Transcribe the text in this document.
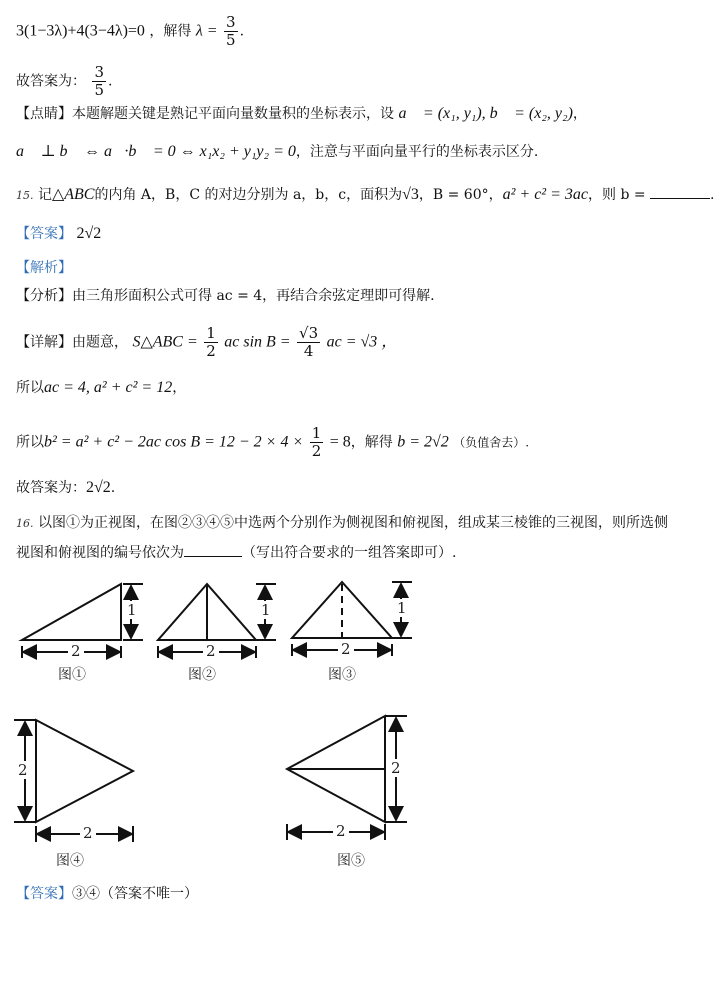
3(1−3λ)+4(3−4λ)=0 ，解得 $\lambda = \frac{3}{5}$ .
故答案为： $\frac{3}{5}$ .
【点睛】本题解题关键是熟记平面向量数量积的坐标表示，设 a⃗ = (x₁, y₁), b⃗ = (x₂, y₂)，
a⃗ ⊥ b⃗ ⇔ a⃗·b⃗ = 0 ⇔ x₁x₂ + y₁y₂ = 0，注意与平面向量平行的坐标表示区分.
15. 记△ABC的内角 A，B，C 的对边分别为 a，b，c，面积为√3，B = 60°，a² + c² = 3ac，则 b =	.
【答案】 2√2
【解析】
【分析】由三角形面积公式可得 ac = 4，再结合余弦定理即可得解.
【详解】由题意， S△ABC = $\frac{1}{2}$ ac $\sin B = \frac{√3}{4}$ ac = √3 ，
所以ac = 4, a² + c² = 12，
所以b² = a² + c² − 2ac $\cos B = 12 - 2 \times 4 \times \frac{1}{2} = 8$，解得 b = 2√2 （负值舍去）.
故答案为：2√2.
16. 以图①为正视图，在图②③④⑤中选两个分别作为侧视图和俯视图，组成某三棱锥的三视图，则所选侧
视图和俯视图的编号依次为	（写出符合要求的一组答案即可）.
2
1
2
1
2
1
2
2
2
2
图①	图②	图③
图④	图⑤
【答案】③④（答案不唯一）
